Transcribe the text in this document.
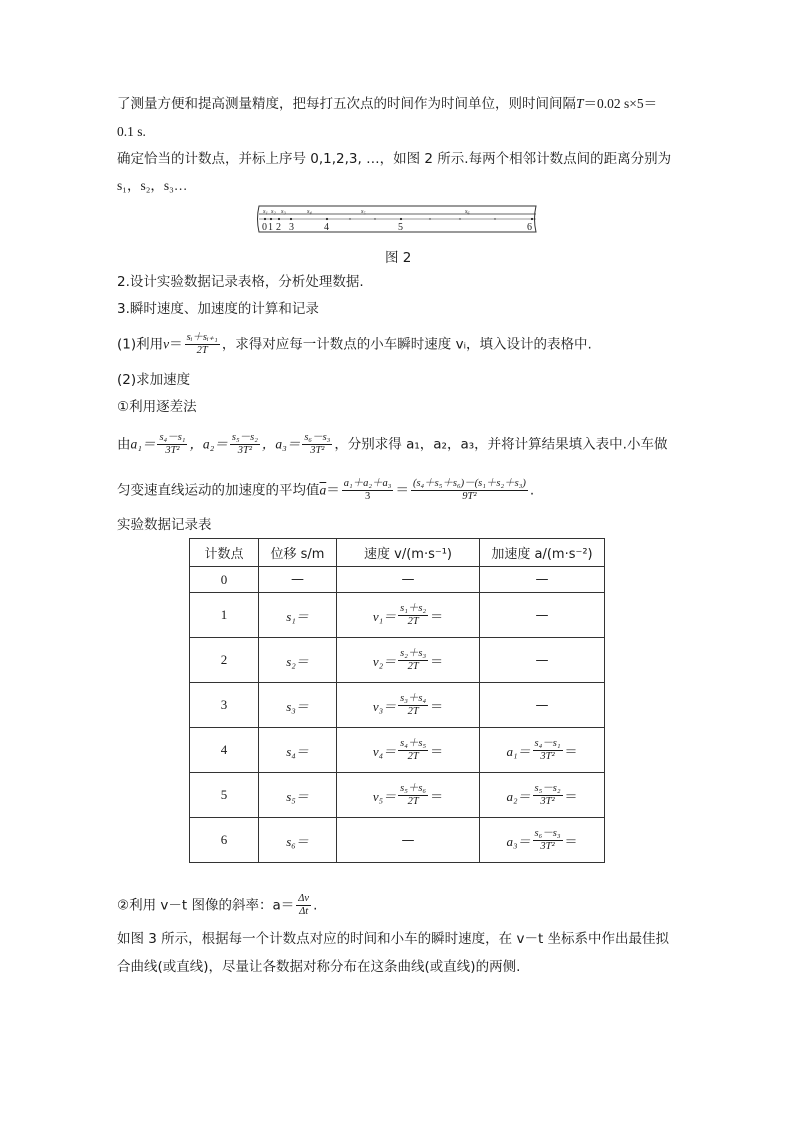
了测量方便和提高测量精度，把每打五次点的时间作为时间单位，则时间间隔T＝0.02 s×5＝
0.1 s.
确定恰当的计数点，并标上序号 0,1,2,3, …，如图 2 所示.每两个相邻计数点间的距离分别为
s₁，s₂，s₃…
s₁ s₂ s₃	s₄	s₅	s₆
0 1 2 3	4	5	6
图 2
2.设计实验数据记录表格，分析处理数据.
3.瞬时速度、加速度的计算和记录
(1)利用$v= \frac{\text{sᵢ＋sᵢ₊₁}}{2T}$ ，求得对应每一计数点的小车瞬时速度 vᵢ，填入设计的表格中.
(2)求加速度
①利用逐差法
由$a_1= \frac{\text{s₄－s₁}}{\text{3T²}}$ ，$a_2= \frac{\text{s₅－s₂}}{\text{3T²}}$ ，$a_3= \frac{\text{s₆－s₃}}{\text{3T²}}$ ，分别求得 a₁，a₂，a₃，并将计算结果填入表中.小车做
匀变速直线运动的加速度的平均值$\overline{a}= \frac{\text{a₁＋a₂＋a₃}}{3} = \frac{\text{(s₄＋s₅＋s₆)－(s₁＋s₂＋s₃)}}{\text{9T²}}$ .
实验数据记录表
计数点	位移 s/m	速度 v/(m·s⁻¹)	加速度 a/(m·s⁻²)
0	—	—	—
1	s₁＝	$v_1= \frac{\text{s₁＋s₂}}{2T}$ ＝	—
2	s₂＝	$v_2= \frac{\text{s₂＋s₃}}{2T}$ ＝	—
3	s₃＝	$v_3= \frac{\text{s₃＋s₄}}{2T}$ ＝	—
4	s₄＝	$v_4= \frac{\text{s₄＋s₅}}{2T}$ ＝	$a_1= \frac{\text{s₄－s₁}}{\text{3T²}}$ ＝

5	s₅＝	$v_5= \frac{\text{s₅＋s₆}}{2T}$ ＝	$a_2= \frac{\text{s₅－s₂}}{\text{3T²}}$ ＝

6	s₆＝	—	$a_3= \frac{\text{s₆－s₃}}{\text{3T²}}$ ＝
②利用 v－t 图像的斜率：$a= \frac{\Delta v}{\Delta t}$ .
如图 3 所示，根据每一个计数点对应的时间和小车的瞬时速度，在 v－t 坐标系中作出最佳拟
合曲线(或直线)，尽量让各数据对称分布在这条曲线(或直线)的两侧.
